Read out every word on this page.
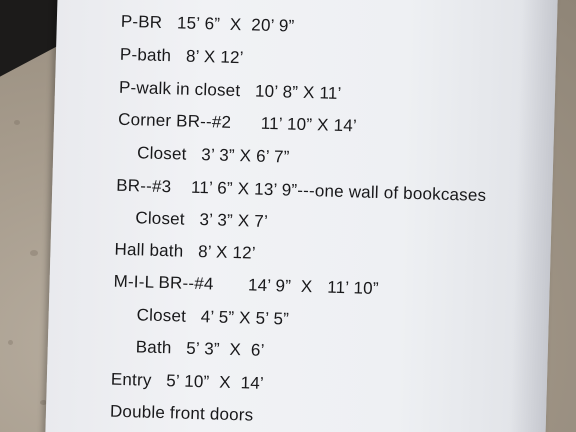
P-BR   15’ 6”  X  20’ 9”
P-bath   8’ X 12’
P-walk in closet   10’ 8” X 11’
Corner BR--#2      11’ 10” X 14’
Closet   3’ 3” X 6’ 7”
BR--#3    11’ 6” X 13’ 9”---one wall of bookcases
Closet   3’ 3” X 7’
Hall bath   8’ X 12’
M-I-L BR--#4       14’ 9”  X   11’ 10”
Closet   4’ 5” X 5’ 5”
Bath   5’ 3”  X  6’
Entry   5’ 10”  X  14’
Double front doors
